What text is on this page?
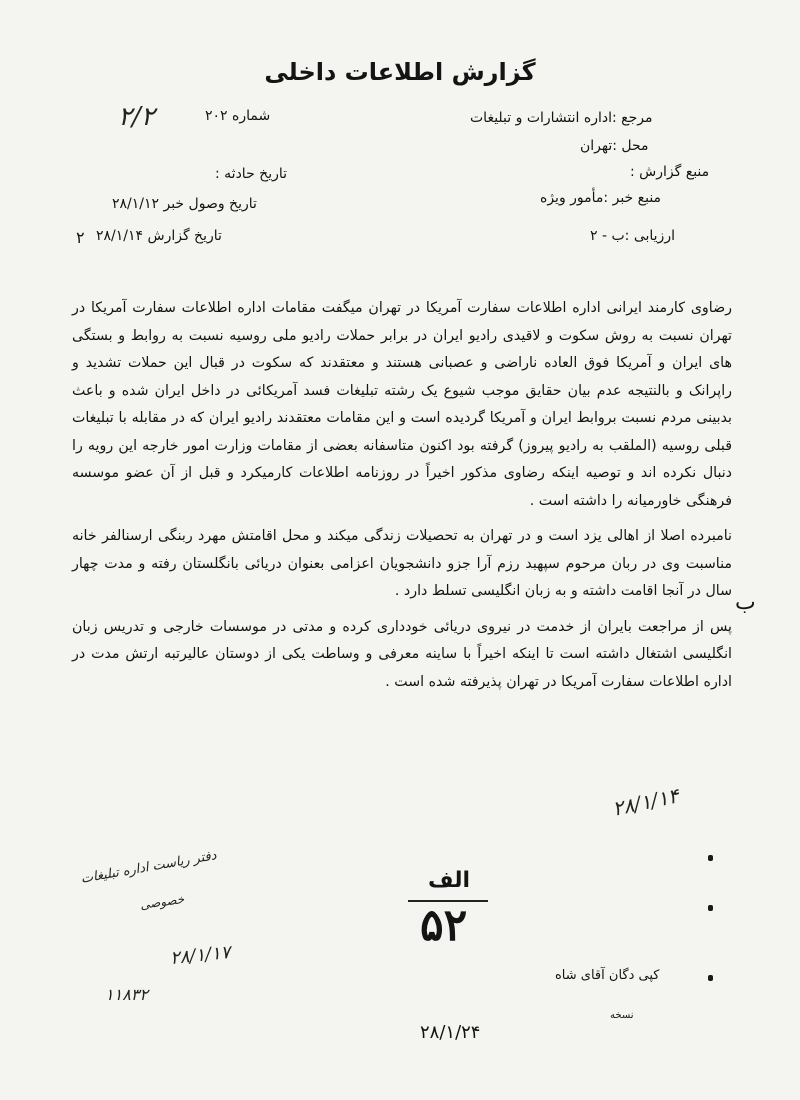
گزارش اطلاعات داخلی
۲/۲	شماره ۲۰۲	مرجع :اداره انتشارات و تبلیغات
محل :تهران
منبع گزارش :
تاریخ حادثه :
منبع خبر :مأمور ویژه
تاریخ وصول خبر ۲۸/۱/۱۲
تاریخ گزارش ۲۸/۱/۱۴
۲	ارزیابی :ب - ۲

رضاوی کارمند ایرانی اداره اطلاعات سفارت آمریکا در تهران میگفت مقامات اداره اطلاعات سفارت آمریکا در تهران نسبت به روش سکوت و لاقیدی رادیو ایران در برابر حملات رادیو ملی روسیه نسبت به روابط و بستگی های ایران و آمریکا فوق العاده ناراضی و عصبانی هستند و معتقدند که سکوت در قبال این حملات تشدید و راپرانک و بالنتیجه عدم بیان حقایق موجب شیوع یک رشته تبلیغات فسد آمریکائی در داخل ایران شده و باعث بدبینی مردم نسبت بروابط ایران و آمریکا گردیده است و این مقامات معتقدند رادیو ایران که در مقابله با تبلیغات قبلی روسیه (الملقب به رادیو پیروز) گرفته بود اکنون متاسفانه بعضی از مقامات وزارت امور خارجه این رویه را دنبال نکرده اند و توصیه اینکه رضاوی مذکور اخیراً در روزنامه اطلاعات کارمیکرد و قبل از آن عضو موسسه فرهنگی خاورمیانه را داشته است .

نامبرده اصلا از اهالی یزد است و در تهران به تحصیلات زندگی میکند و محل اقامتش مهرد ربنگی ارسنالفر خانه مناسبت وی در ربان مرحوم سپهبد رزم آرا جزو دانشجویان اعزامی بعنوان دریائی بانگلستان رفته و مدت چهار سال در آنجا اقامت داشته و به زبان انگلیسی تسلط دارد .

پس از مراجعت بایران از خدمت در نیروی دریائی خودداری کرده و مدتی در موسسات خارجی و تدریس زبان انگلیسی اشتغال داشته است تا اینکه اخیراً با ساینه معرفی و وساطت یکی از دوستان عالیرتبه ارتش مدت در اداره اطلاعات سفارت آمریکا در تهران پذیرفته شده است .

ب
۲۸/۱/۱۴
دفتر ریاست اداره تبلیغات
خصوصی
۲۸/۱/۱۷
۱۱۸۳۲
الف
۵۲
کپی دگان آقای شاه
نسخه
۲۸/۱/۲۴
